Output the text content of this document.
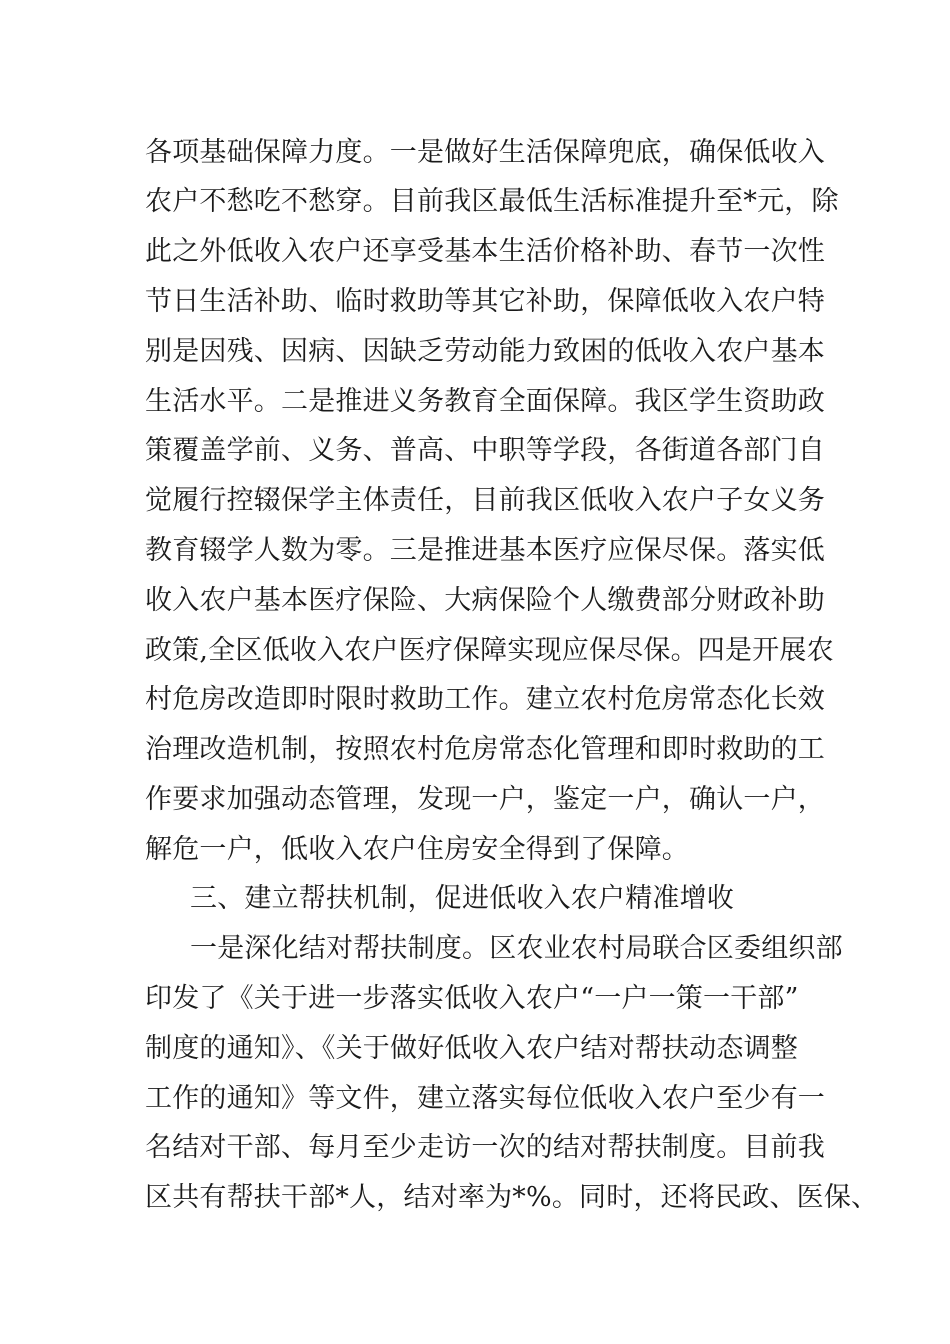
各项基础保障力度。一是做好生活保障兜底，确保低收入
农户不愁吃不愁穿。目前我区最低生活标准提升至*元，除
此之外低收入农户还享受基本生活价格补助、春节一次性
节日生活补助、临时救助等其它补助，保障低收入农户特
别是因残、因病、因缺乏劳动能力致困的低收入农户基本
生活水平。二是推进义务教育全面保障。我区学生资助政
策覆盖学前、义务、普高、中职等学段，各街道各部门自
觉履行控辍保学主体责任，目前我区低收入农户子女义务
教育辍学人数为零。三是推进基本医疗应保尽保。落实低
收入农户基本医疗保险、大病保险个人缴费部分财政补助
政策,全区低收入农户医疗保障实现应保尽保。四是开展农
村危房改造即时限时救助工作。建立农村危房常态化长效
治理改造机制，按照农村危房常态化管理和即时救助的工
作要求加强动态管理，发现一户，鉴定一户，确认一户，
解危一户，低收入农户住房安全得到了保障。
三、建立帮扶机制，促进低收入农户精准增收
一是深化结对帮扶制度。区农业农村局联合区委组织部
印发了《关于进一步落实低收入农户“一户一策一干部”
制度的通知》、《关于做好低收入农户结对帮扶动态调整
工作的通知》等文件，建立落实每位低收入农户至少有一
名结对干部、每月至少走访一次的结对帮扶制度。目前我
区共有帮扶干部*人，结对率为*%。同时，还将民政、医保、
